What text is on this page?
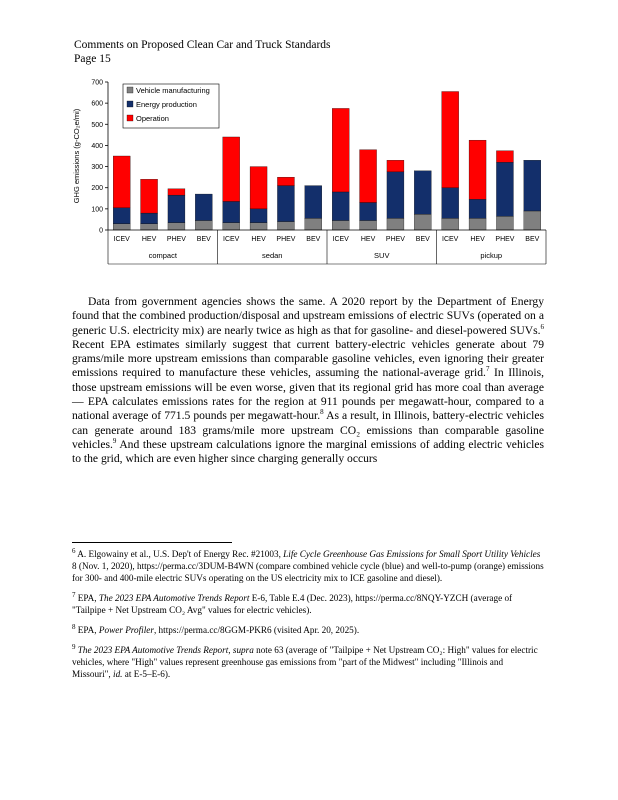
Comments on Proposed Clean Car and Truck Standards
Page 15
0
100
200
300
400
500
600
700
GHG emissions (g-CO₂e/mi)
ICEV HEV PHEV BEV ICEV HEV PHEV BEV ICEV HEV PHEV BEV ICEV HEV PHEV BEV
compact	sedan	SUV	pickup
Vehicle manufacturing
Energy production
Operation

Data from government agencies shows the same. A 2020 report by the Department of Energy found that the combined production/disposal and upstream emissions of electric SUVs (operated on a generic U.S. electricity mix) are nearly twice as high as that for gasoline- and diesel-powered SUVs.$^6$ Recent EPA estimates similarly suggest that current battery-electric vehicles generate about 79 grams/mile more upstream emissions than comparable gasoline vehicles, even ignoring their greater emissions required to manufacture these vehicles, assuming the national-average grid.$^7$ In Illinois, those upstream emissions will be even worse, given that its regional grid has more coal than average — EPA calculates emissions rates for the region at 911 pounds per megawatt-hour, compared to a national average of 771.5 pounds per megawatt-hour.$^8$ As a result, in Illinois, battery-electric vehicles can generate around 183 grams/mile more upstream CO₂ emissions than comparable gasoline vehicles.$^9$ And these upstream calculations ignore the marginal emissions of adding electric vehicles to the grid, which are even higher since charging generally occurs

$^6$ A. Elgowainy et al., U.S. Dep't of Energy Rec. #21003, Life Cycle Greenhouse Gas Emissions for Small Sport Utility Vehicles 8 (Nov. 1, 2020), https://perma.cc/3DUM-B4WN (compare combined vehicle cycle (blue) and well-to-pump (orange) emissions for 300- and 400-mile electric SUVs operating on the US electricity mix to ICE gasoline and diesel).
$^7$ EPA, The 2023 EPA Automotive Trends Report E-6, Table E.4 (Dec. 2023), https://perma.cc/8NQY-YZCH (average of "Tailpipe + Net Upstream CO₂ Avg" values for electric vehicles).
$^8$ EPA, Power Profiler, https://perma.cc/8GGM-PKR6 (visited Apr. 20, 2025).
$^9$ The 2023 EPA Automotive Trends Report, supra note 63 (average of "Tailpipe + Net Upstream CO₂: High" values for electric vehicles, where "High" values represent greenhouse gas emissions from "part of the Midwest" including "Illinois and Missouri", id. at E-5–E-6).
